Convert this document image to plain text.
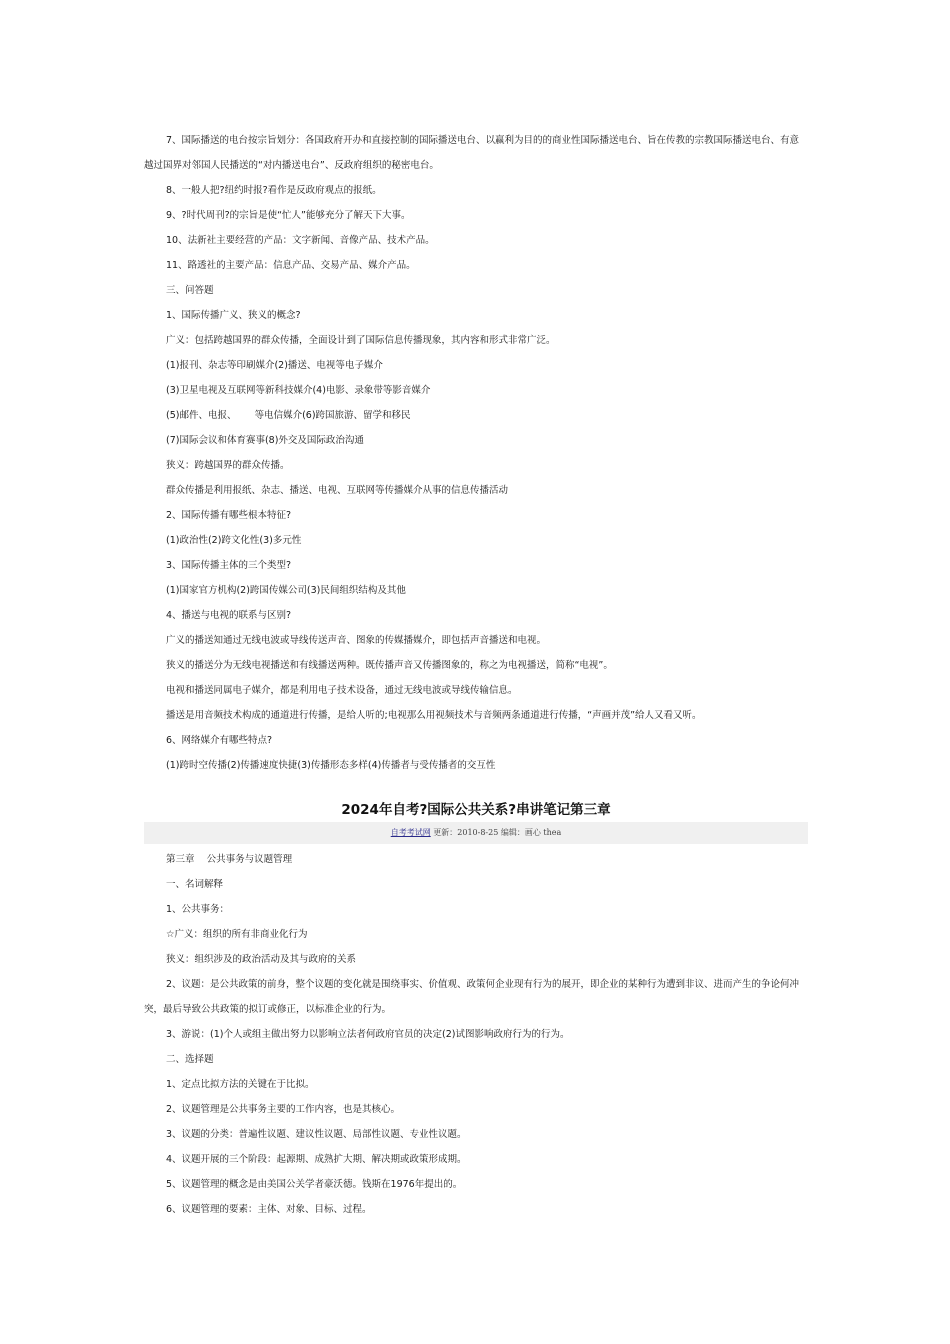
7、国际播送的电台按宗旨划分：各国政府开办和直接控制的国际播送电台、以赢利为目的的商业性国际播送电台、旨在传教的宗教国际播送电台、有意越过国界对邻国人民播送的“对内播送电台”、反政府组织的秘密电台。

8、一般人把?纽约时报?看作是反政府观点的报纸。

9、?时代周刊?的宗旨是使“忙人”能够充分了解天下大事。

10、法新社主要经营的产品：文字新闻、音像产品、技术产品。

11、路透社的主要产品：信息产品、交易产品、媒介产品。

三、问答题

1、国际传播广义、狭义的概念?

广义：包括跨越国界的群众传播，全面设计到了国际信息传播现象，其内容和形式非常广泛。

(1)报刊、杂志等印刷媒介(2)播送、电视等电子媒介

(3)卫星电视及互联网等新科技媒介(4)电影、录象带等影音媒介

(5)邮件、电报、      等电信媒介(6)跨国旅游、留学和移民

(7)国际会议和体育赛事(8)外交及国际政治沟通

狭义：跨越国界的群众传播。

群众传播是利用报纸、杂志、播送、电视、互联网等传播媒介从事的信息传播活动

2、国际传播有哪些根本特征?

(1)政治性(2)跨文化性(3)多元性

3、国际传播主体的三个类型?

(1)国家官方机构(2)跨国传媒公司(3)民间组织结构及其他

4、播送与电视的联系与区别?

广义的播送知通过无线电波或导线传送声音、图象的传媒播媒介，即包括声音播送和电视。

狭义的播送分为无线电视播送和有线播送两种。既传播声音又传播图象的，称之为电视播送，简称“电视”。

电视和播送同属电子媒介，都是利用电子技术设备，通过无线电波或导线传输信息。

播送是用音频技术构成的通道进行传播，是给人听的;电视那么用视频技术与音频两条通道进行传播，“声画并茂”给人又看又听。

6、网络媒介有哪些特点?

(1)跨时空传播(2)传播速度快捷(3)传播形态多样(4)传播者与受传播者的交互性

2024年自考?国际公共关系?串讲笔记第三章
自考考试网 更新：2010-8-25 编辑：画心 thea

第三章    公共事务与议题管理

一、名词解释

1、公共事务：

☆广义：组织的所有非商业化行为

狭义：组织涉及的政治活动及其与政府的关系

2、议题：是公共政策的前身，整个议题的变化就是围绕事实、价值观、政策何企业现有行为的展开，即企业的某种行为遭到非议、进而产生的争论何冲突，最后导致公共政策的拟订或修正，以标准企业的行为。

3、游说：(1)个人或组主做出努力以影响立法者何政府官员的决定(2)试图影响政府行为的行为。

二、选择题

1、定点比拟方法的关键在于比拟。

2、议题管理是公共事务主要的工作内容，也是其核心。

3、议题的分类：普遍性议题、建议性议题、局部性议题、专业性议题。

4、议题开展的三个阶段：起源期、成熟扩大期、解决期或政策形成期。

5、议题管理的概念是由美国公关学者豪沃德。钱斯在1976年提出的。

6、议题管理的要素：主体、对象、目标、过程。
